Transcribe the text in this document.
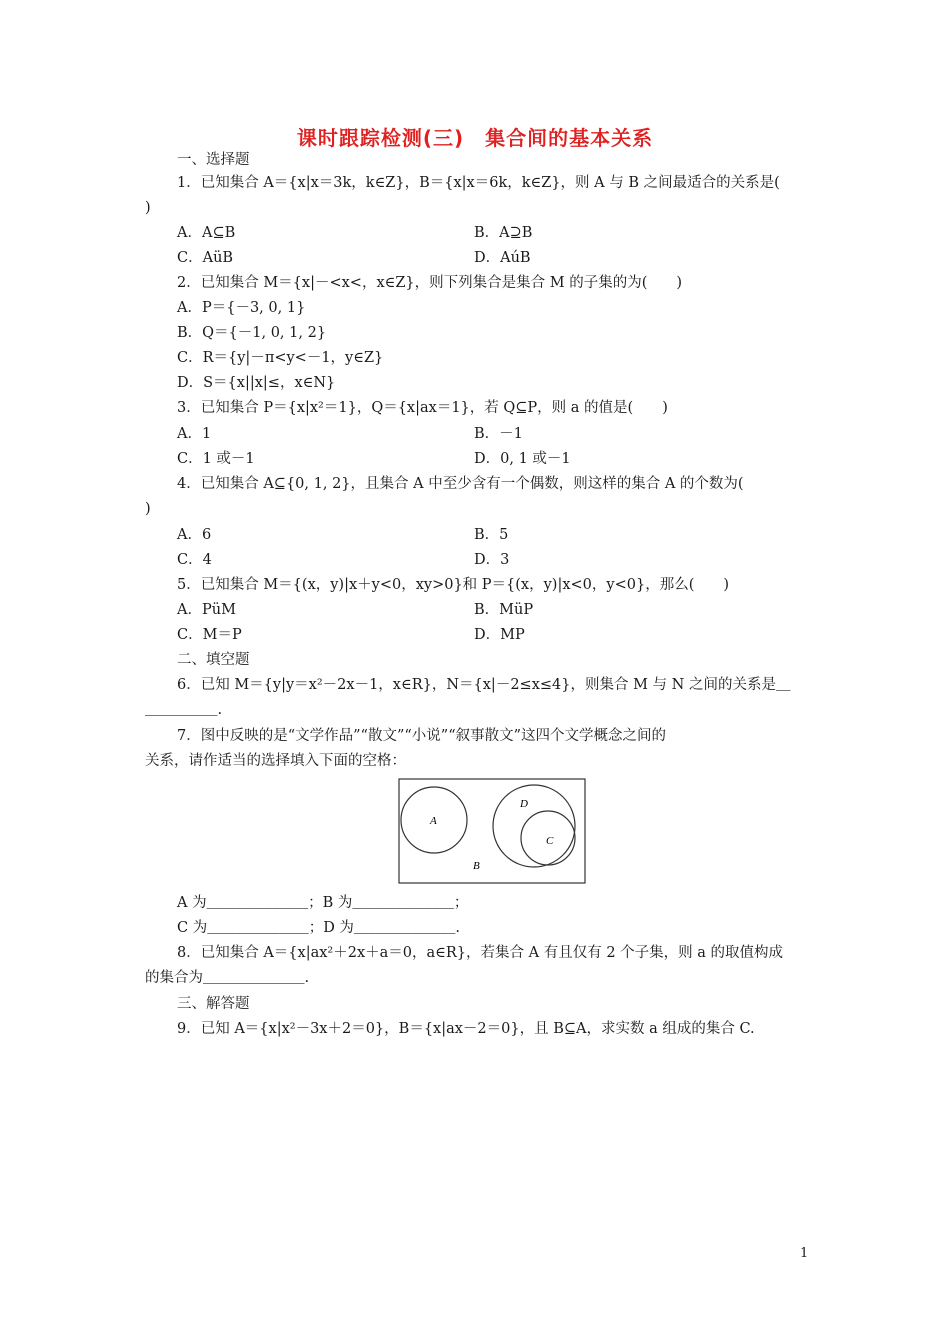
课时跟踪检测(三)　集合间的基本关系
一、选择题
1．已知集合 A＝{x|x＝3k，k∈Z}，B＝{x|x＝6k，k∈Z}，则 A 与 B 之间最适合的关系是(
)
A．A⊆B	B．A⊇B
C．AüB	D．AúB
2．已知集合 M＝{x|－<x<，x∈Z}，则下列集合是集合 M 的子集的为(　　)
A．P＝{－3, 0, 1}
B．Q＝{－1, 0, 1, 2}
C．R＝{y|－π<y<－1，y∈Z}
D．S＝{x||x|≤，x∈N}
3．已知集合 P＝{x|x²＝1}，Q＝{x|ax＝1}，若 Q⊆P，则 a 的值是(　　)
A．1	B．－1
C．1 或－1	D．0, 1 或－1
4．已知集合 A⊆{0, 1, 2}，且集合 A 中至少含有一个偶数，则这样的集合 A 的个数为(
)
A．6	B．5
C．4	D．3
5．已知集合 M＝{(x，y)|x＋y<0，xy>0}和 P＝{(x，y)|x<0，y<0}，那么(　　)
A．PüM	B．MüP
C．M＝P	D．MP
二、填空题
6．已知 M＝{y|y＝x²－2x－1，x∈R}，N＝{x|－2≤x≤4}，则集合 M 与 N 之间的关系是＿
＿＿＿＿＿.
7．图中反映的是“文学作品”“散文”“小说”“叙事散文”这四个文学概念之间的
关系，请作适当的选择填入下面的空格：
A
D
C
B
A 为＿＿＿＿＿＿＿；B 为＿＿＿＿＿＿＿；
C 为＿＿＿＿＿＿＿；D 为＿＿＿＿＿＿＿.
8．已知集合 A＝{x|ax²＋2x＋a＝0，a∈R}，若集合 A 有且仅有 2 个子集，则 a 的取值构成
的集合为＿＿＿＿＿＿＿.
三、解答题
9．已知 A＝{x|x²－3x＋2＝0}，B＝{x|ax－2＝0}，且 B⊆A，求实数 a 组成的集合 C.
1
